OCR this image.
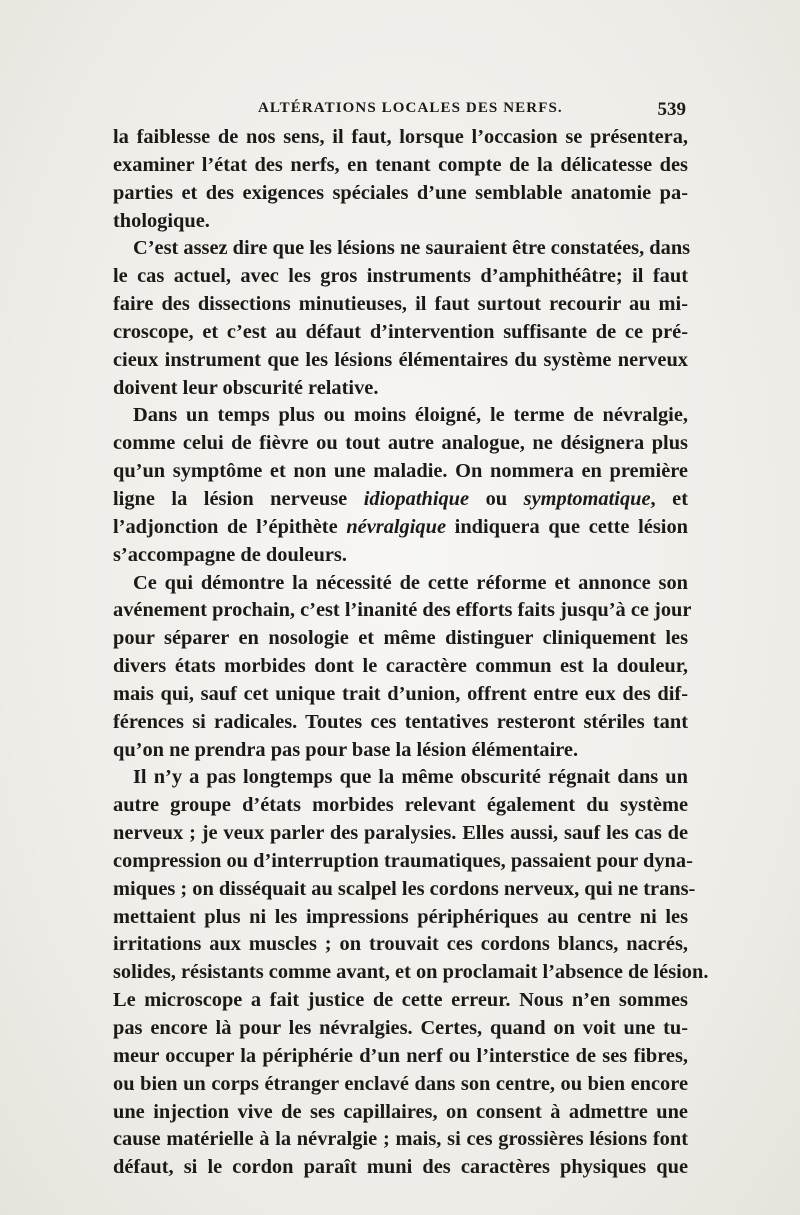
ALTÉRATIONS LOCALES DES NERFS.	539
la faiblesse de nos sens, il faut, lorsque l’occasion se présentera,
examiner l’état des nerfs, en tenant compte de la délicatesse des
parties et des exigences spéciales d’une semblable anatomie pa-
thologique.
C’est assez dire que les lésions ne sauraient être constatées, dans
le cas actuel, avec les gros instruments d’amphithéâtre; il faut
faire des dissections minutieuses, il faut surtout recourir au mi-
croscope, et c’est au défaut d’intervention suffisante de ce pré-
cieux instrument que les lésions élémentaires du système nerveux
doivent leur obscurité relative.
Dans un temps plus ou moins éloigné, le terme de névralgie,
comme celui de fièvre ou tout autre analogue, ne désignera plus
qu’un symptôme et non une maladie. On nommera en première
ligne la lésion nerveuse idiopathique ou symptomatique, et
l’adjonction de l’épithète névralgique indiquera que cette lésion
s’accompagne de douleurs.
Ce qui démontre la nécessité de cette réforme et annonce son
avénement prochain, c’est l’inanité des efforts faits jusqu’à ce jour
pour séparer en nosologie et même distinguer cliniquement les
divers états morbides dont le caractère commun est la douleur,
mais qui, sauf cet unique trait d’union, offrent entre eux des dif-
férences si radicales. Toutes ces tentatives resteront stériles tant
qu’on ne prendra pas pour base la lésion élémentaire.
Il n’y a pas longtemps que la même obscurité régnait dans un
autre groupe d’états morbides relevant également du système
nerveux ; je veux parler des paralysies. Elles aussi, sauf les cas de
compression ou d’interruption traumatiques, passaient pour dyna-
miques ; on disséquait au scalpel les cordons nerveux, qui ne trans-
mettaient plus ni les impressions périphériques au centre ni les
irritations aux muscles ; on trouvait ces cordons blancs, nacrés,
solides, résistants comme avant, et on proclamait l’absence de lésion.
Le microscope a fait justice de cette erreur. Nous n’en sommes
pas encore là pour les névralgies. Certes, quand on voit une tu-
meur occuper la périphérie d’un nerf ou l’interstice de ses fibres,
ou bien un corps étranger enclavé dans son centre, ou bien encore
une injection vive de ses capillaires, on consent à admettre une
cause matérielle à la névralgie ; mais, si ces grossières lésions font
défaut, si le cordon paraît muni des caractères physiques que
